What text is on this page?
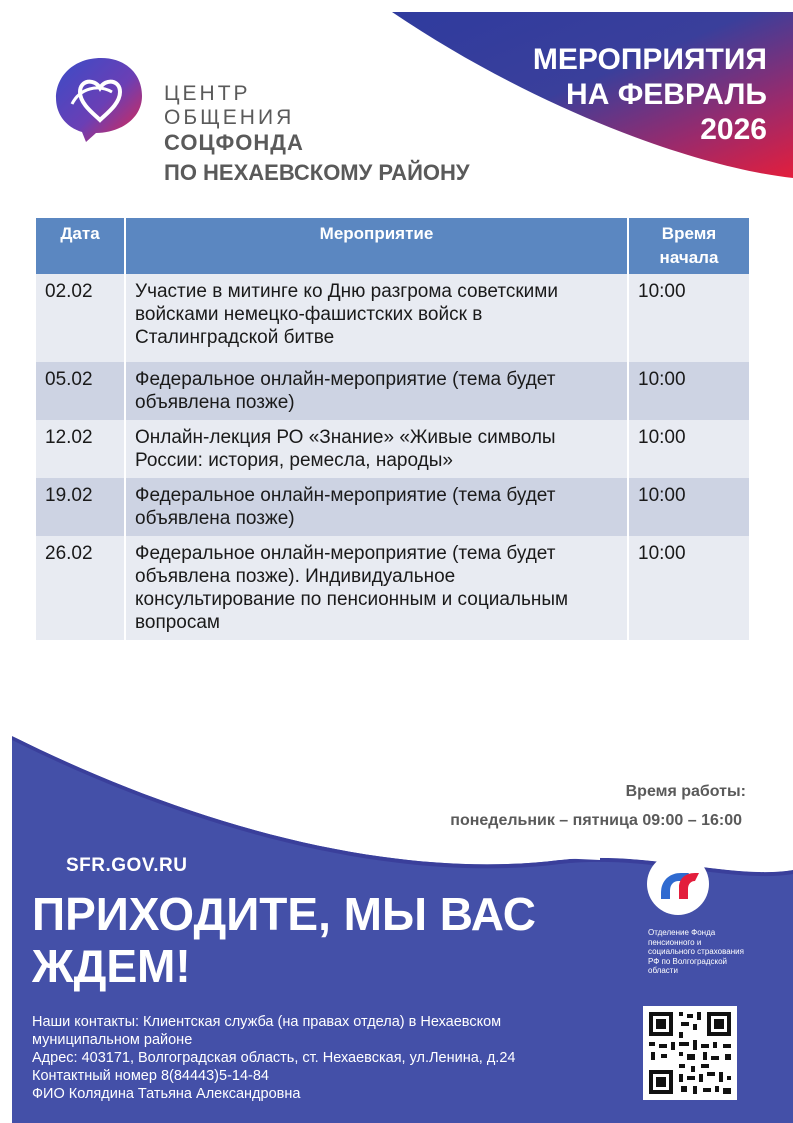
МЕРОПРИЯТИЯ
НА ФЕВРАЛЬ
2026
ЦЕНТР
ОБЩЕНИЯ
СОЦФОНДА
ПО НЕХАЕВСКОМУ РАЙОНУ
Дата	Мероприятие	Время начала
02.02	Участие в митинге ко Дню разгрома советскими войсками немецко-фашистских войск в Сталинградской битве	10:00
05.02	Федеральное онлайн-мероприятие (тема будет объявлена позже)	10:00
12.02	Онлайн-лекция РО «Знание» «Живые символы России: история, ремесла, народы»	10:00
19.02	Федеральное онлайн-мероприятие (тема будет объявлена позже)	10:00
26.02	Федеральное онлайн-мероприятие (тема будет объявлена позже). Индивидуальное консультирование по пенсионным и социальным вопросам	10:00
Время работы:
понедельник – пятница 09:00 – 16:00
SFR.GOV.RU
ПРИХОДИТЕ, МЫ ВАС ЖДЕМ!
Наши контакты: Клиентская служба (на правах отдела) в Нехаевском муниципальном районе
Адрес: 403171, Волгоградская область, ст. Нехаевская, ул.Ленина, д.24
Контактный номер 8(84443)5-14-84
ФИО Колядина Татьяна Александровна
Отделение Фонда пенсионного и социального страхования РФ по Волгоградской области
